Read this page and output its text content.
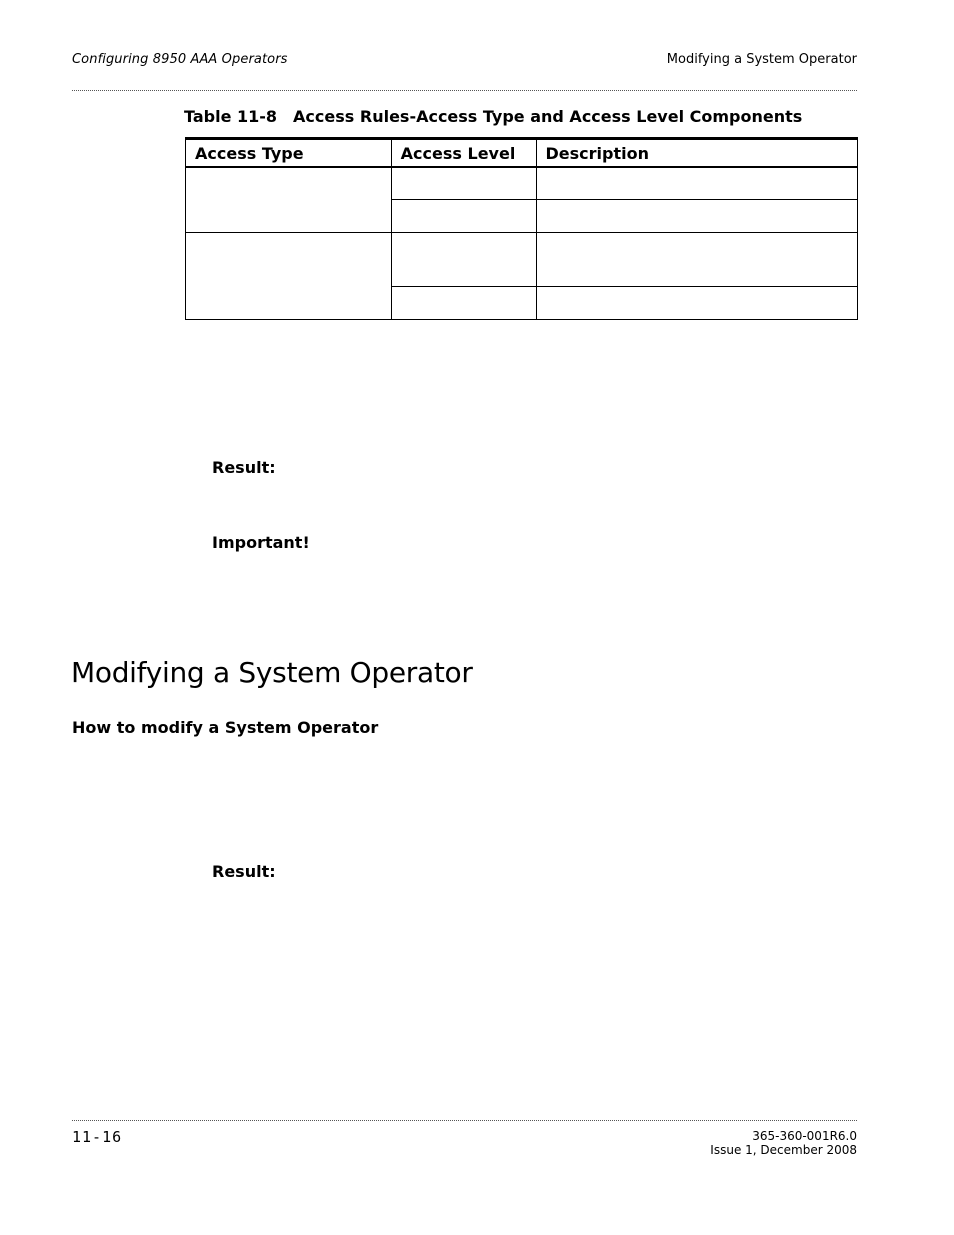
Configuring 8950 AAA Operators	Modifying a System Operator
Table 11-8 Access Rules-Access Type and Access Level Components
Access Type	Access Level	Description

Result:
Important!
Modifying a System Operator
How to modify a System Operator
Result:
11-16	365-360-001R6.0
Issue 1, December 2008
